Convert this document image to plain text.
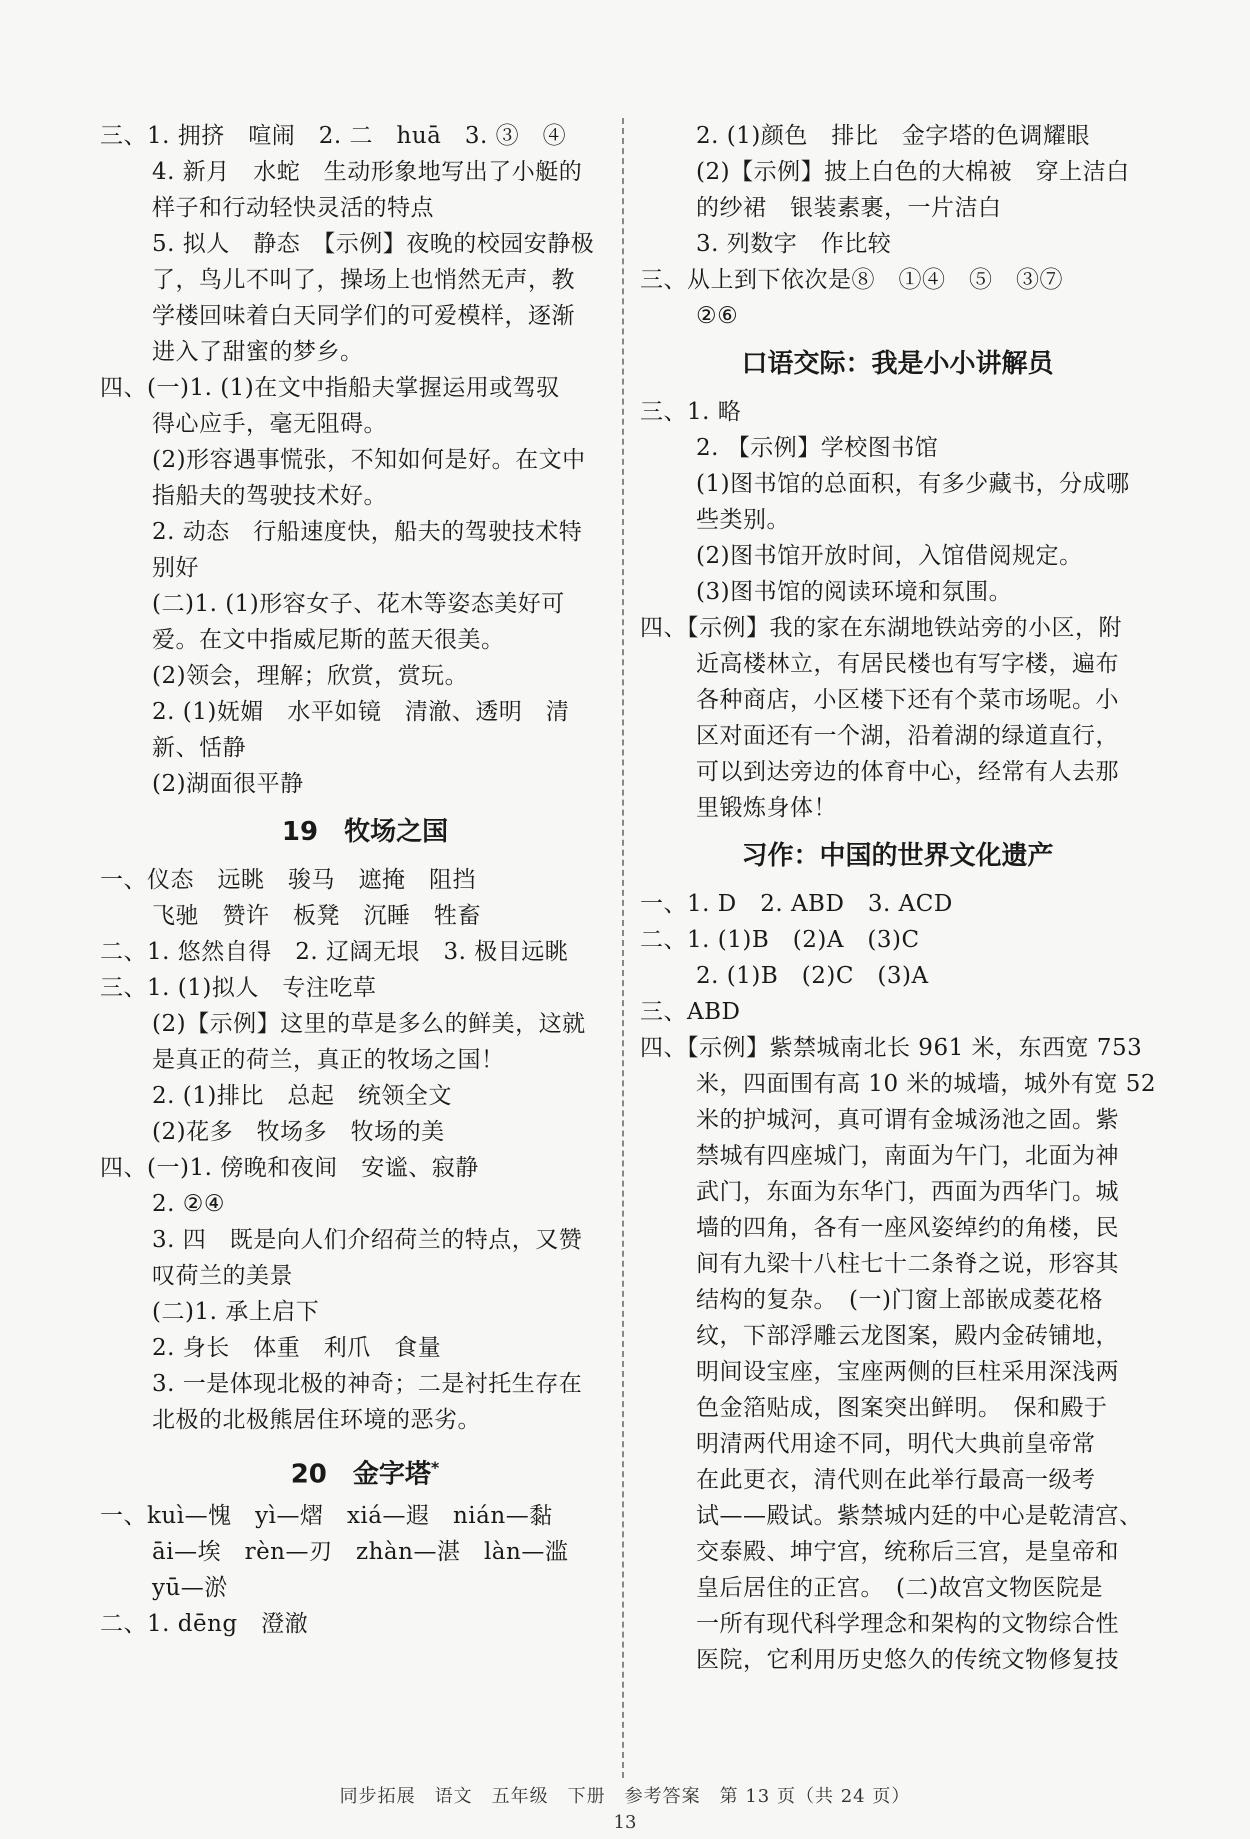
三、1. 拥挤　喧闹　2. 二　huā　3. ③　④
4. 新月　水蛇　生动形象地写出了小艇的
样子和行动轻快灵活的特点
5. 拟人　静态　【示例】夜晚的校园安静极
了，鸟儿不叫了，操场上也悄然无声，教
学楼回味着白天同学们的可爱模样，逐渐
进入了甜蜜的梦乡。
四、(一)1. (1)在文中指船夫掌握运用或驾驭
得心应手，毫无阻碍。
(2)形容遇事慌张，不知如何是好。在文中
指船夫的驾驶技术好。
2. 动态　行船速度快，船夫的驾驶技术特
别好
(二)1. (1)形容女子、花木等姿态美好可
爱。在文中指威尼斯的蓝天很美。
(2)领会，理解；欣赏，赏玩。
2. (1)妩媚　水平如镜　清澈、透明　清
新、恬静
(2)湖面很平静
19　牧场之国
一、仪态　远眺　骏马　遮掩　阻挡
飞驰　赞许　板凳　沉睡　牲畜
二、1. 悠然自得　2. 辽阔无垠　3. 极目远眺
三、1. (1)拟人　专注吃草
(2)【示例】这里的草是多么的鲜美，这就
是真正的荷兰，真正的牧场之国！
2. (1)排比　总起　统领全文
(2)花多　牧场多　牧场的美
四、(一)1. 傍晚和夜间　安谧、寂静
2. ②④
3. 四　既是向人们介绍荷兰的特点，又赞
叹荷兰的美景
(二)1. 承上启下
2. 身长　体重　利爪　食量
3. 一是体现北极的神奇；二是衬托生存在
北极的北极熊居住环境的恶劣。
20　金字塔*
一、kuì—愧　yì—熠　xiá—遐　nián—黏
āi—埃　rèn—刃　zhàn—湛　làn—滥
yū—淤
二、1. dēng　澄澈
2. (1)颜色　排比　金字塔的色调耀眼
(2)【示例】披上白色的大棉被　穿上洁白
的纱裙　银装素裹，一片洁白
3. 列数字　作比较
三、从上到下依次是⑧　①④　⑤　③⑦
②⑥
口语交际：我是小小讲解员
三、1. 略
2. 【示例】学校图书馆
(1)图书馆的总面积，有多少藏书，分成哪
些类别。
(2)图书馆开放时间，入馆借阅规定。
(3)图书馆的阅读环境和氛围。
四、【示例】我的家在东湖地铁站旁的小区，附
近高楼林立，有居民楼也有写字楼，遍布
各种商店，小区楼下还有个菜市场呢。小
区对面还有一个湖，沿着湖的绿道直行，
可以到达旁边的体育中心，经常有人去那
里锻炼身体！
习作：中国的世界文化遗产
一、1. D　2. ABD　3. ACD
二、1. (1)B　(2)A　(3)C
2. (1)B　(2)C　(3)A
三、ABD
四、【示例】紫禁城南北长 961 米，东西宽 753
米，四面围有高 10 米的城墙，城外有宽 52
米的护城河，真可谓有金城汤池之固。紫
禁城有四座城门，南面为午门，北面为神
武门，东面为东华门，西面为西华门。城
墙的四角，各有一座风姿绰约的角楼，民
间有九梁十八柱七十二条脊之说，形容其
结构的复杂。　(一)门窗上部嵌成菱花格
纹，下部浮雕云龙图案，殿内金砖铺地，
明间设宝座，宝座两侧的巨柱采用深浅两
色金箔贴成，图案突出鲜明。　保和殿于
明清两代用途不同，明代大典前皇帝常
在此更衣，清代则在此举行最高一级考
试——殿试。紫禁城内廷的中心是乾清宫、
交泰殿、坤宁宫，统称后三宫，是皇帝和
皇后居住的正宫。　(二)故宫文物医院是
一所有现代科学理念和架构的文物综合性
医院，它利用历史悠久的传统文物修复技
同步拓展　语文　五年级　下册　参考答案　第 13 页（共 24 页）
13
